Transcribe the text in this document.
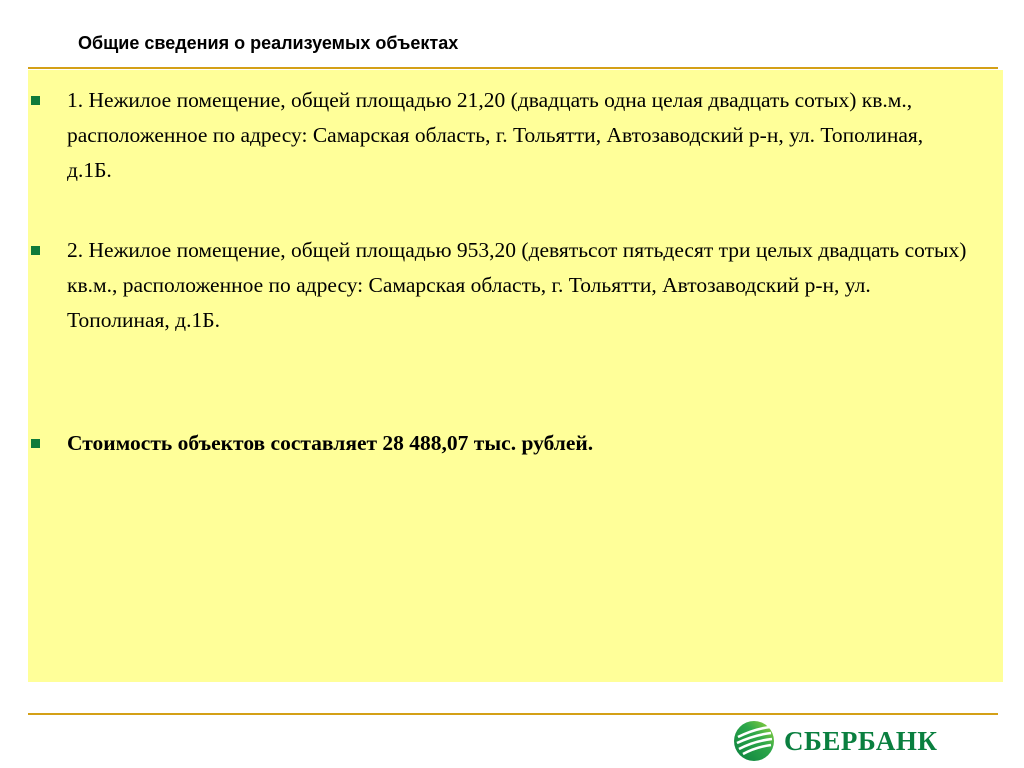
Общие сведения о реализуемых объектах
1. Нежилое помещение, общей площадью 21,20 (двадцать одна целая двадцать сотых) кв.м., расположенное по адресу: Самарская область, г. Тольятти, Автозаводский р-н, ул. Тополиная, д.1Б.
2. Нежилое помещение, общей площадью 953,20 (девятьсот пятьдесят три целых двадцать сотых) кв.м., расположенное по адресу: Самарская область, г. Тольятти, Автозаводский р-н, ул. Тополиная, д.1Б.
Стоимость объектов составляет 28 488,07 тыс. рублей.
СБЕРБАНК
